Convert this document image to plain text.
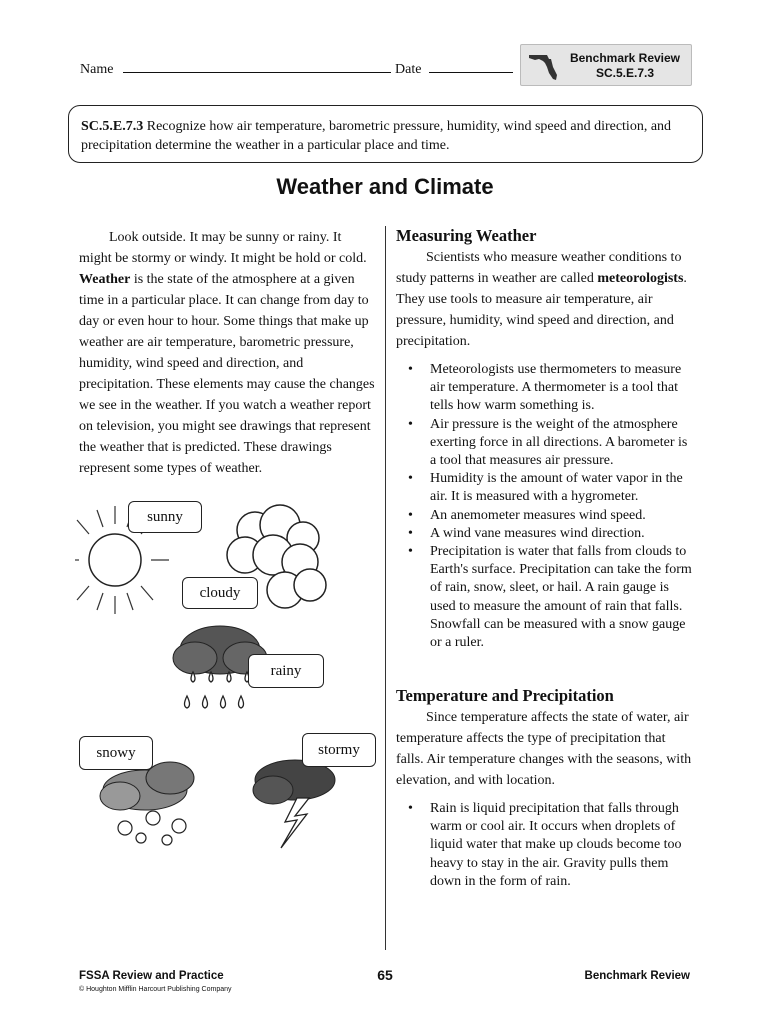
Name	Date
Benchmark Review
SC.5.E.7.3
SC.5.E.7.3 Recognize how air temperature, barometric pressure, humidity, wind speed and direction, and precipitation determine the weather in a particular place and time.
Weather and Climate

Look outside. It may be sunny or rainy. It might be stormy or windy. It might be hold or cold. Weather is the state of the atmosphere at a given time in a particular place. It can change from day to day or even hour to hour. Some things that make up weather are air temperature, barometric pressure, humidity, wind speed and direction, and precipitation. These elements may cause the changes we see in the weather. If you watch a weather report on television, you might see drawings that represent the weather that is predicted. These drawings represent some types of weather.

sunny
cloudy
rainy
snowy	stormy
Measuring Weather

Scientists who measure weather conditions to study patterns in weather are called meteorologists. They use tools to measure air temperature, air pressure, humidity, wind speed and direction, and precipitation.

• Meteorologists use thermometers to measure air temperature. A thermometer is a tool that tells how warm something is.
• Air pressure is the weight of the atmosphere exerting force in all directions. A barometer is a tool that measures air pressure.
• Humidity is the amount of water vapor in the air. It is measured with a hygrometer.
• An anemometer measures wind speed.
• A wind vane measures wind direction.
• Precipitation is water that falls from clouds to Earth's surface. Precipitation can take the form of rain, snow, sleet, or hail. A rain gauge is used to measure the amount of rain that falls. Snowfall can be measured with a snow gauge or a ruler.
Temperature and Precipitation

Since temperature affects the state of water, air temperature affects the type of precipitation that falls. Air temperature changes with the seasons, with elevation, and with location.

• Rain is liquid precipitation that falls through warm or cool air. It occurs when droplets of liquid water that make up clouds become too heavy to stay in the air. Gravity pulls them down in the form of rain.
FSSA Review and Practice
© Houghton Mifflin Harcourt Publishing Company
65	Benchmark Review
